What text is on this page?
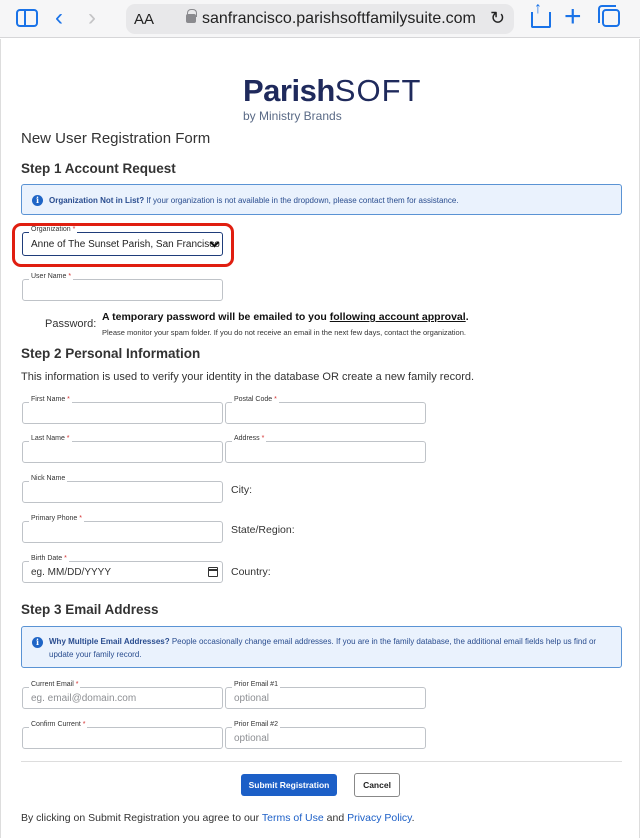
‹ ›	AA	sanfrancisco.parishsoftfamilysuite.com ↻
↑ +
ParishSOFT
by Ministry Brands
New User Registration Form
Step 1 Account Request
i	Organization Not in List? If your organization is not available in the dropdown, please contact them for assistance.
Organization *
Anne of The Sunset Parish, San Francisco
User Name *
Password:
A temporary password will be emailed to you following account approval.
Please monitor your spam folder. If you do not receive an email in the next few days, contact the organization.
Step 2 Personal Information
This information is used to verify your identity in the database OR create a new family record.
First Name *	Postal Code *
Last Name *	Address *
Nick Name
City:
Primary Phone *
State/Region:
Birth Date *
eg. MM/DD/YYYY	Country:
Step 3 Email Address
i	Why Multiple Email Addresses? People occasionally change email addresses. If you are in the family database, the additional email fields help us find or update your family record.
Current Email *
eg. email@domain.com
Prior Email #1
optional
Confirm Current *	Prior Email #2
optional
Submit Registration	Cancel
By clicking on Submit Registration you agree to our Terms of Use and Privacy Policy.
